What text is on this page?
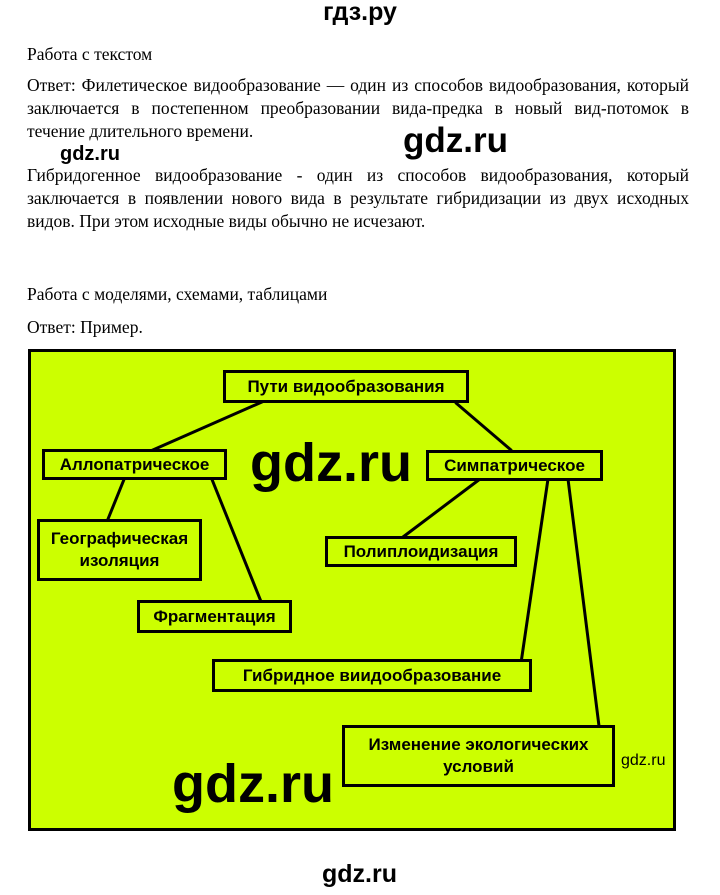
гдз.ру
Работа с текстом
Ответ: Филетическое видообразование — один из способов видообразования, который заключается в постепенном преобразовании вида-предка в новый вид-потомок в течение длительного времени.
Гибридогенное видообразование - один из способов видообразования, который заключается в появлении нового вида в результате гибридизации из двух исходных видов. При этом исходные виды обычно не исчезают.
Работа с моделями, схемами, таблицами
Ответ: Пример.
Пути видообразования
Аллопатрическое	Симпатрическое
Географическая изоляция	Полиплоидизация
Фрагментация
Гибридное виидообразование
Изменение экологических условий
gdz.ru
gdz.ru
gdz.ru
gdz.ru	gdz.ru
gdz.ru
